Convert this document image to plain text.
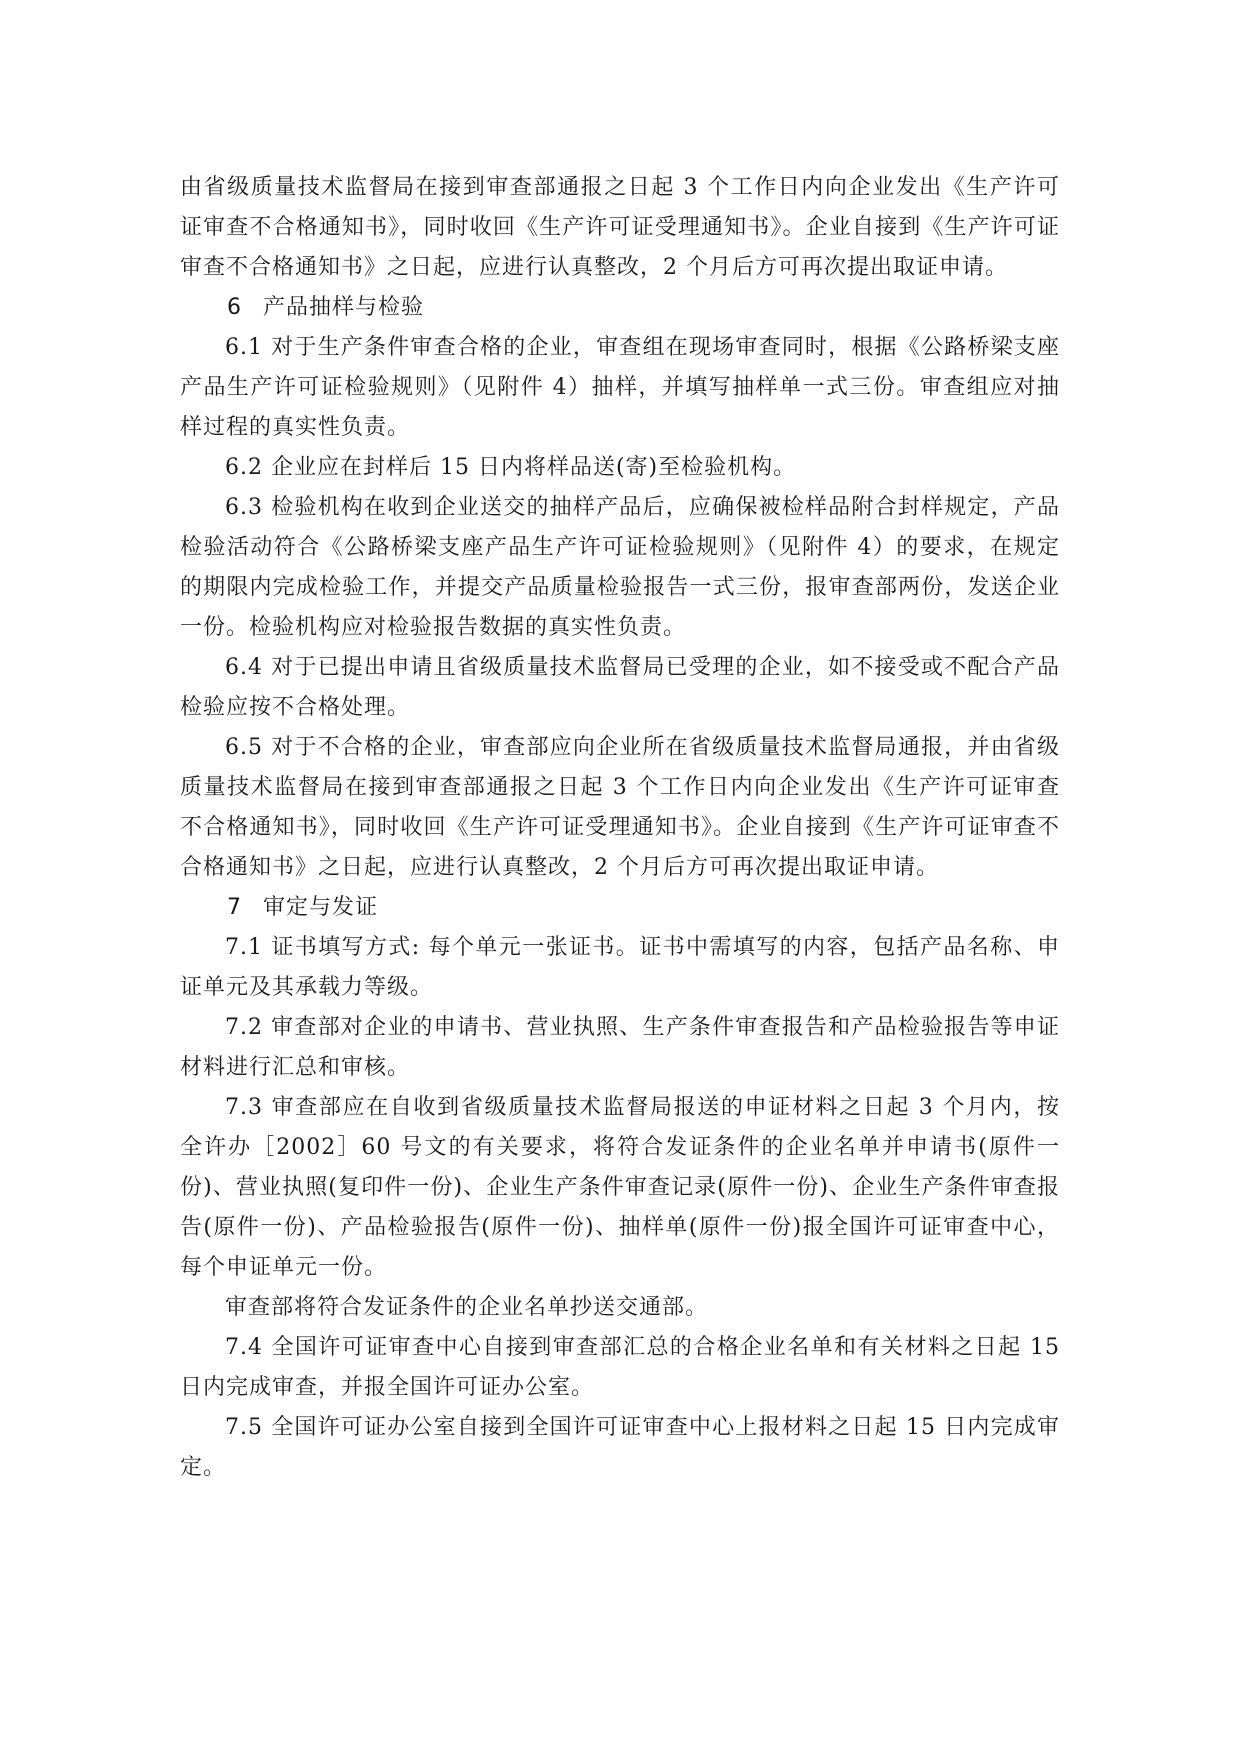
由省级质量技术监督局在接到审查部通报之日起 3 个工作日内向企业发出《生产许可证审查不合格通知书》，同时收回《生产许可证受理通知书》。企业自接到《生产许可证审查不合格通知书》之日起，应进行认真整改，2 个月后方可再次提出取证申请。

6 产品抽样与检验

6.1 对于生产条件审查合格的企业，审查组在现场审查同时，根据《公路桥梁支座产品生产许可证检验规则》（见附件 4）抽样，并填写抽样单一式三份。审查组应对抽样过程的真实性负责。

6.2 企业应在封样后 15 日内将样品送(寄)至检验机构。

6.3 检验机构在收到企业送交的抽样产品后，应确保被检样品附合封样规定，产品检验活动符合《公路桥梁支座产品生产许可证检验规则》（见附件 4）的要求，在规定的期限内完成检验工作，并提交产品质量检验报告一式三份，报审查部两份，发送企业一份。检验机构应对检验报告数据的真实性负责。

6.4 对于已提出申请且省级质量技术监督局已受理的企业，如不接受或不配合产品检验应按不合格处理。

6.5 对于不合格的企业，审查部应向企业所在省级质量技术监督局通报，并由省级质量技术监督局在接到审查部通报之日起 3 个工作日内向企业发出《生产许可证审查不合格通知书》，同时收回《生产许可证受理通知书》。企业自接到《生产许可证审查不合格通知书》之日起，应进行认真整改，2 个月后方可再次提出取证申请。

7 审定与发证

7.1 证书填写方式: 每个单元一张证书。证书中需填写的内容，包括产品名称、申证单元及其承载力等级。

7.2 审查部对企业的申请书、营业执照、生产条件审查报告和产品检验报告等申证材料进行汇总和审核。

7.3 审查部应在自收到省级质量技术监督局报送的申证材料之日起 3 个月内，按全许办［2002］60 号文的有关要求，将符合发证条件的企业名单并申请书(原件一份)、营业执照(复印件一份)、企业生产条件审查记录(原件一份)、企业生产条件审查报告(原件一份)、产品检验报告(原件一份)、抽样单(原件一份)报全国许可证审查中心，每个申证单元一份。

审查部将符合发证条件的企业名单抄送交通部。

7.4 全国许可证审查中心自接到审查部汇总的合格企业名单和有关材料之日起 15 日内完成审查，并报全国许可证办公室。

7.5 全国许可证办公室自接到全国许可证审查中心上报材料之日起 15 日内完成审定。
